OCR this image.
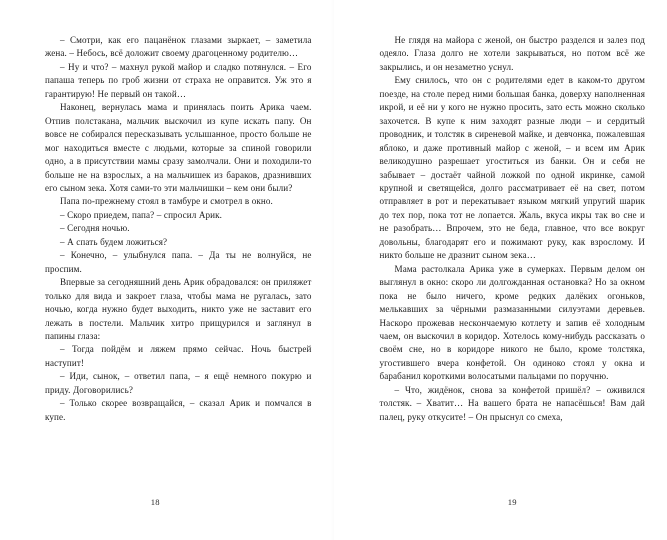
– Смотри, как его пацанёнок глазами зыркает, – заметила жена. – Небось, всё доложит своему драгоценному родителю…

– Ну и что? – махнул рукой майор и сладко потянулся. – Его папаша теперь по гроб жизни от страха не оправится. Уж это я гарантирую! Не первый он такой…

Наконец, вернулась мама и принялась поить Арика чаем. Отпив полстакана, мальчик выскочил из купе искать папу. Он вовсе не собирался пересказывать услышанное, просто больше не мог находиться вместе с людьми, которые за спиной говорили одно, а в присутствии мамы сразу замолчали. Они и походили-то больше не на взрослых, а на мальчишек из бараков, дразнивших его сыном зека. Хотя сами-то эти мальчишки – кем они были?

Папа по-прежнему стоял в тамбуре и смотрел в окно.

– Скоро приедем, папа? – спросил Арик.

– Сегодня ночью.

– А спать будем ложиться?

– Конечно, – улыбнулся папа. – Да ты не волнуйся, не проспим.

Впервые за сегодняшний день Арик обрадовался: он приляжет только для вида и закроет глаза, чтобы мама не ругалась, зато ночью, когда нужно будет выходить, никто уже не заставит его лежать в постели. Мальчик хитро прищурился и заглянул в папины глаза:

– Тогда пойдём и ляжем прямо сейчас. Ночь быстрей наступит!

– Иди, сынок, – ответил папа, – я ещё немного покурю и приду. Договорились?

– Только скорее возвращайся, – сказал Арик и помчался в купе.

18

Не глядя на майора с женой, он быстро разделся и залез под одеяло. Глаза долго не хотели закрываться, но потом всё же закрылись, и он незаметно уснул.

Ему снилось, что он с родителями едет в каком-то другом поезде, на столе перед ними большая банка, доверху наполненная икрой, и её ни у кого не нужно просить, зато есть можно сколько захочется. В купе к ним заходят разные люди – и сердитый проводник, и толстяк в сиреневой майке, и девчонка, пожалевшая яблоко, и даже противный майор с женой, – и всем им Арик великодушно разрешает угоститься из банки. Он и себя не забывает – достаёт чайной ложкой по одной икринке, самой крупной и светящейся, долго рассматривает её на свет, потом отправляет в рот и перекатывает языком мягкий упругий шарик до тех пор, пока тот не лопается. Жаль, вкуса икры так во сне и не разобрать… Впрочем, это не беда, главное, что все вокруг довольны, благодарят его и пожимают руку, как взрослому. И никто больше не дразнит сыном зека…

Мама растолкала Арика уже в сумерках. Первым делом он выглянул в окно: скоро ли долгожданная остановка? Но за окном пока не было ничего, кроме редких далёких огоньков, мелькавших за чёрными размазанными силуэтами деревьев. Наскоро прожевав нескончаемую котлету и запив её холодным чаем, он выскочил в коридор. Хотелось кому-нибудь рассказать о своём сне, но в коридоре никого не было, кроме толстяка, угостившего вчера конфетой. Он одиноко стоял у окна и барабанил короткими волосатыми пальцами по поручню.

– Что, жидёнок, снова за конфетой пришёл? – оживился толстяк. – Хватит… На вашего брата не напасёшься! Вам дай палец, руку откусите! – Он прыснул со смеха,

19
